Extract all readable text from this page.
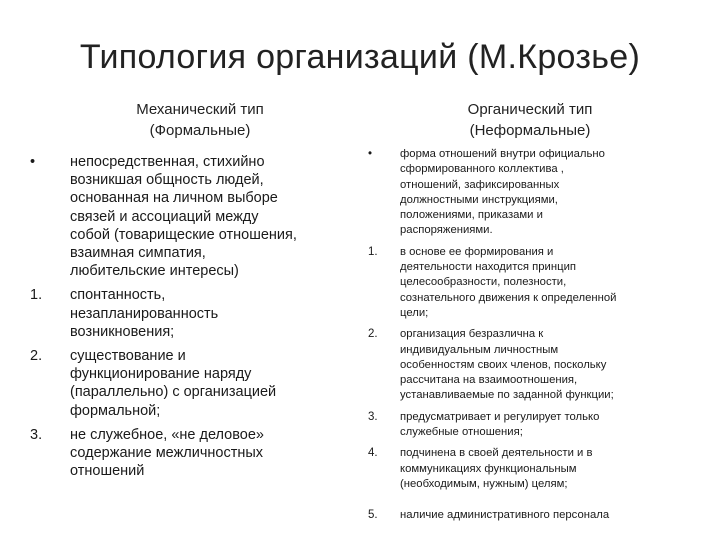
Типология организаций (М.Крозье)
Механический тип
(Формальные)
Органический тип
(Неформальные)
•	непосредственная, стихийно
возникшая общность людей,
основанная на личном выборе
связей и ассоциаций между
собой (товарищеские отношения,
взаимная симпатия,
любительские интересы)
1.	спонтанность,
незапланированность
возникновения;
2.	существование и
функционирование наряду
(параллельно) с организацией
формальной;
3.	не служебное, «не деловое»
содержание межличностных
отношений
•	форма отношений внутри официально
сформированного коллектива ,
отношений, зафиксированных
должностными инструкциями,
положениями, приказами и
распоряжениями.
1.	в основе ее формирования и
деятельности находится принцип
целесообразности, полезности,
сознательного движения к определенной
цели;
2.	организация безразлична к
индивидуальным личностным
особенностям своих членов, поскольку
рассчитана на взаимоотношения,
устанавливаемые по заданной функции;
3.	предусматривает и регулирует только
служебные отношения;
4.	подчинена в своей деятельности и в
коммуникациях функциональным
(необходимым, нужным) целям;
5.	наличие административного персонала
